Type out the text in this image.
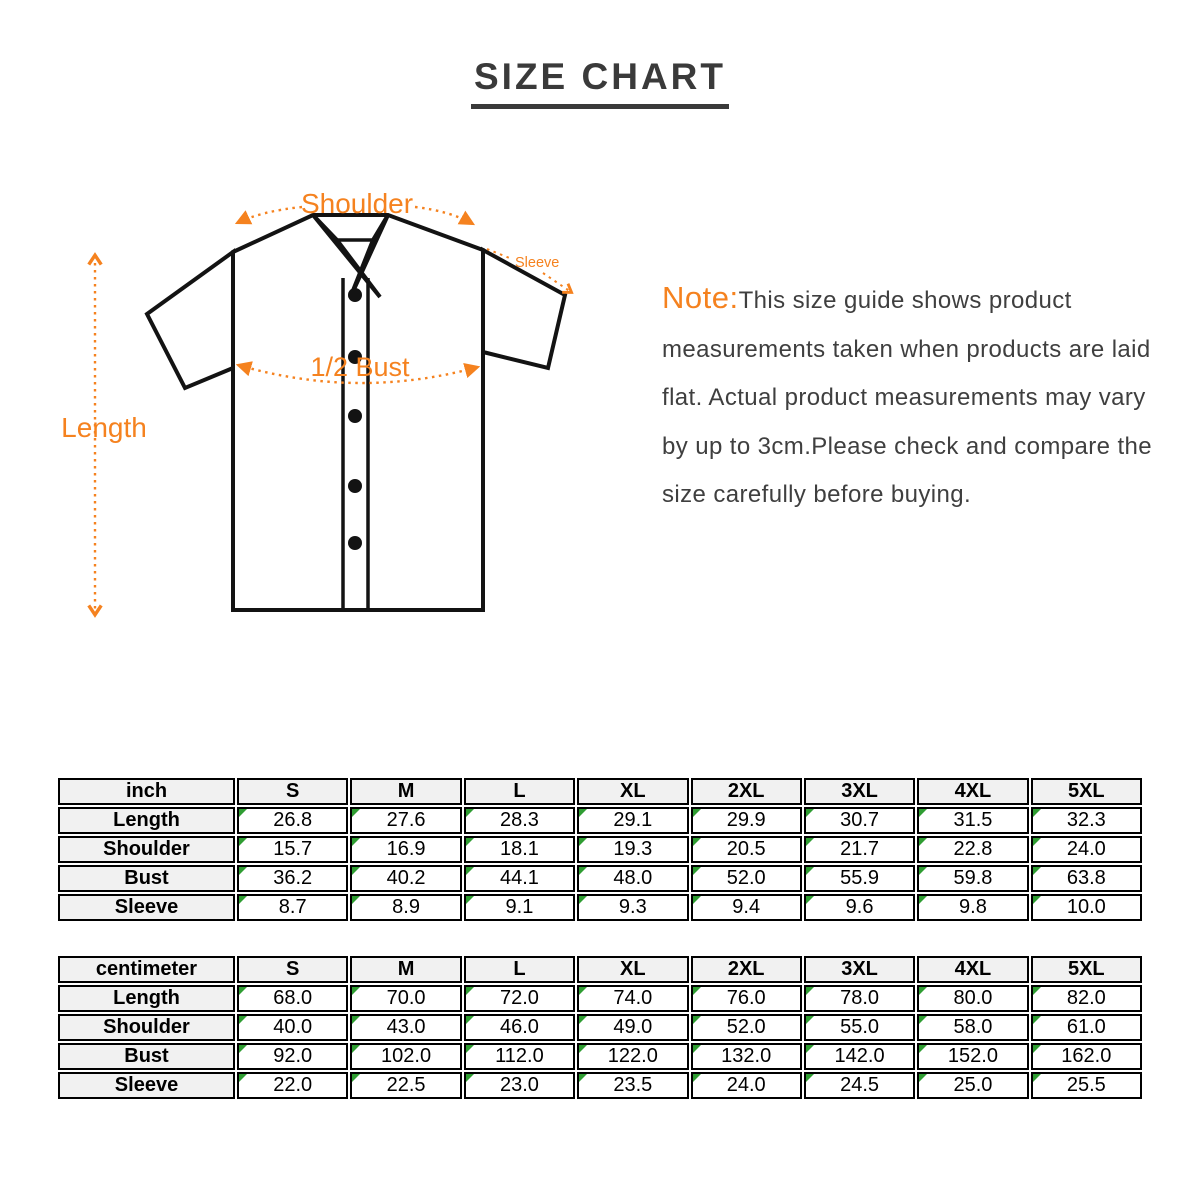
SIZE CHART
Shoulder
Sleeve
1/2 Bust
Length

Note:This size guide shows product measurements taken when products are laid flat. Actual product measurements may vary by up to 3cm.Please check and compare the size carefully before buying.

inch	S	M	L	XL	2XL	3XL	4XL	5XL
Length	26.8	27.6	28.3	29.1	29.9	30.7	31.5	32.3
Shoulder	15.7	16.9	18.1	19.3	20.5	21.7	22.8	24.0
Bust	36.2	40.2	44.1	48.0	52.0	55.9	59.8	63.8
Sleeve	8.7	8.9	9.1	9.3	9.4	9.6	9.8	10.0
centimeter	S	M	L	XL	2XL	3XL	4XL	5XL
Length	68.0	70.0	72.0	74.0	76.0	78.0	80.0	82.0
Shoulder	40.0	43.0	46.0	49.0	52.0	55.0	58.0	61.0
Bust	92.0	102.0	112.0	122.0	132.0	142.0	152.0	162.0
Sleeve	22.0	22.5	23.0	23.5	24.0	24.5	25.0	25.5
